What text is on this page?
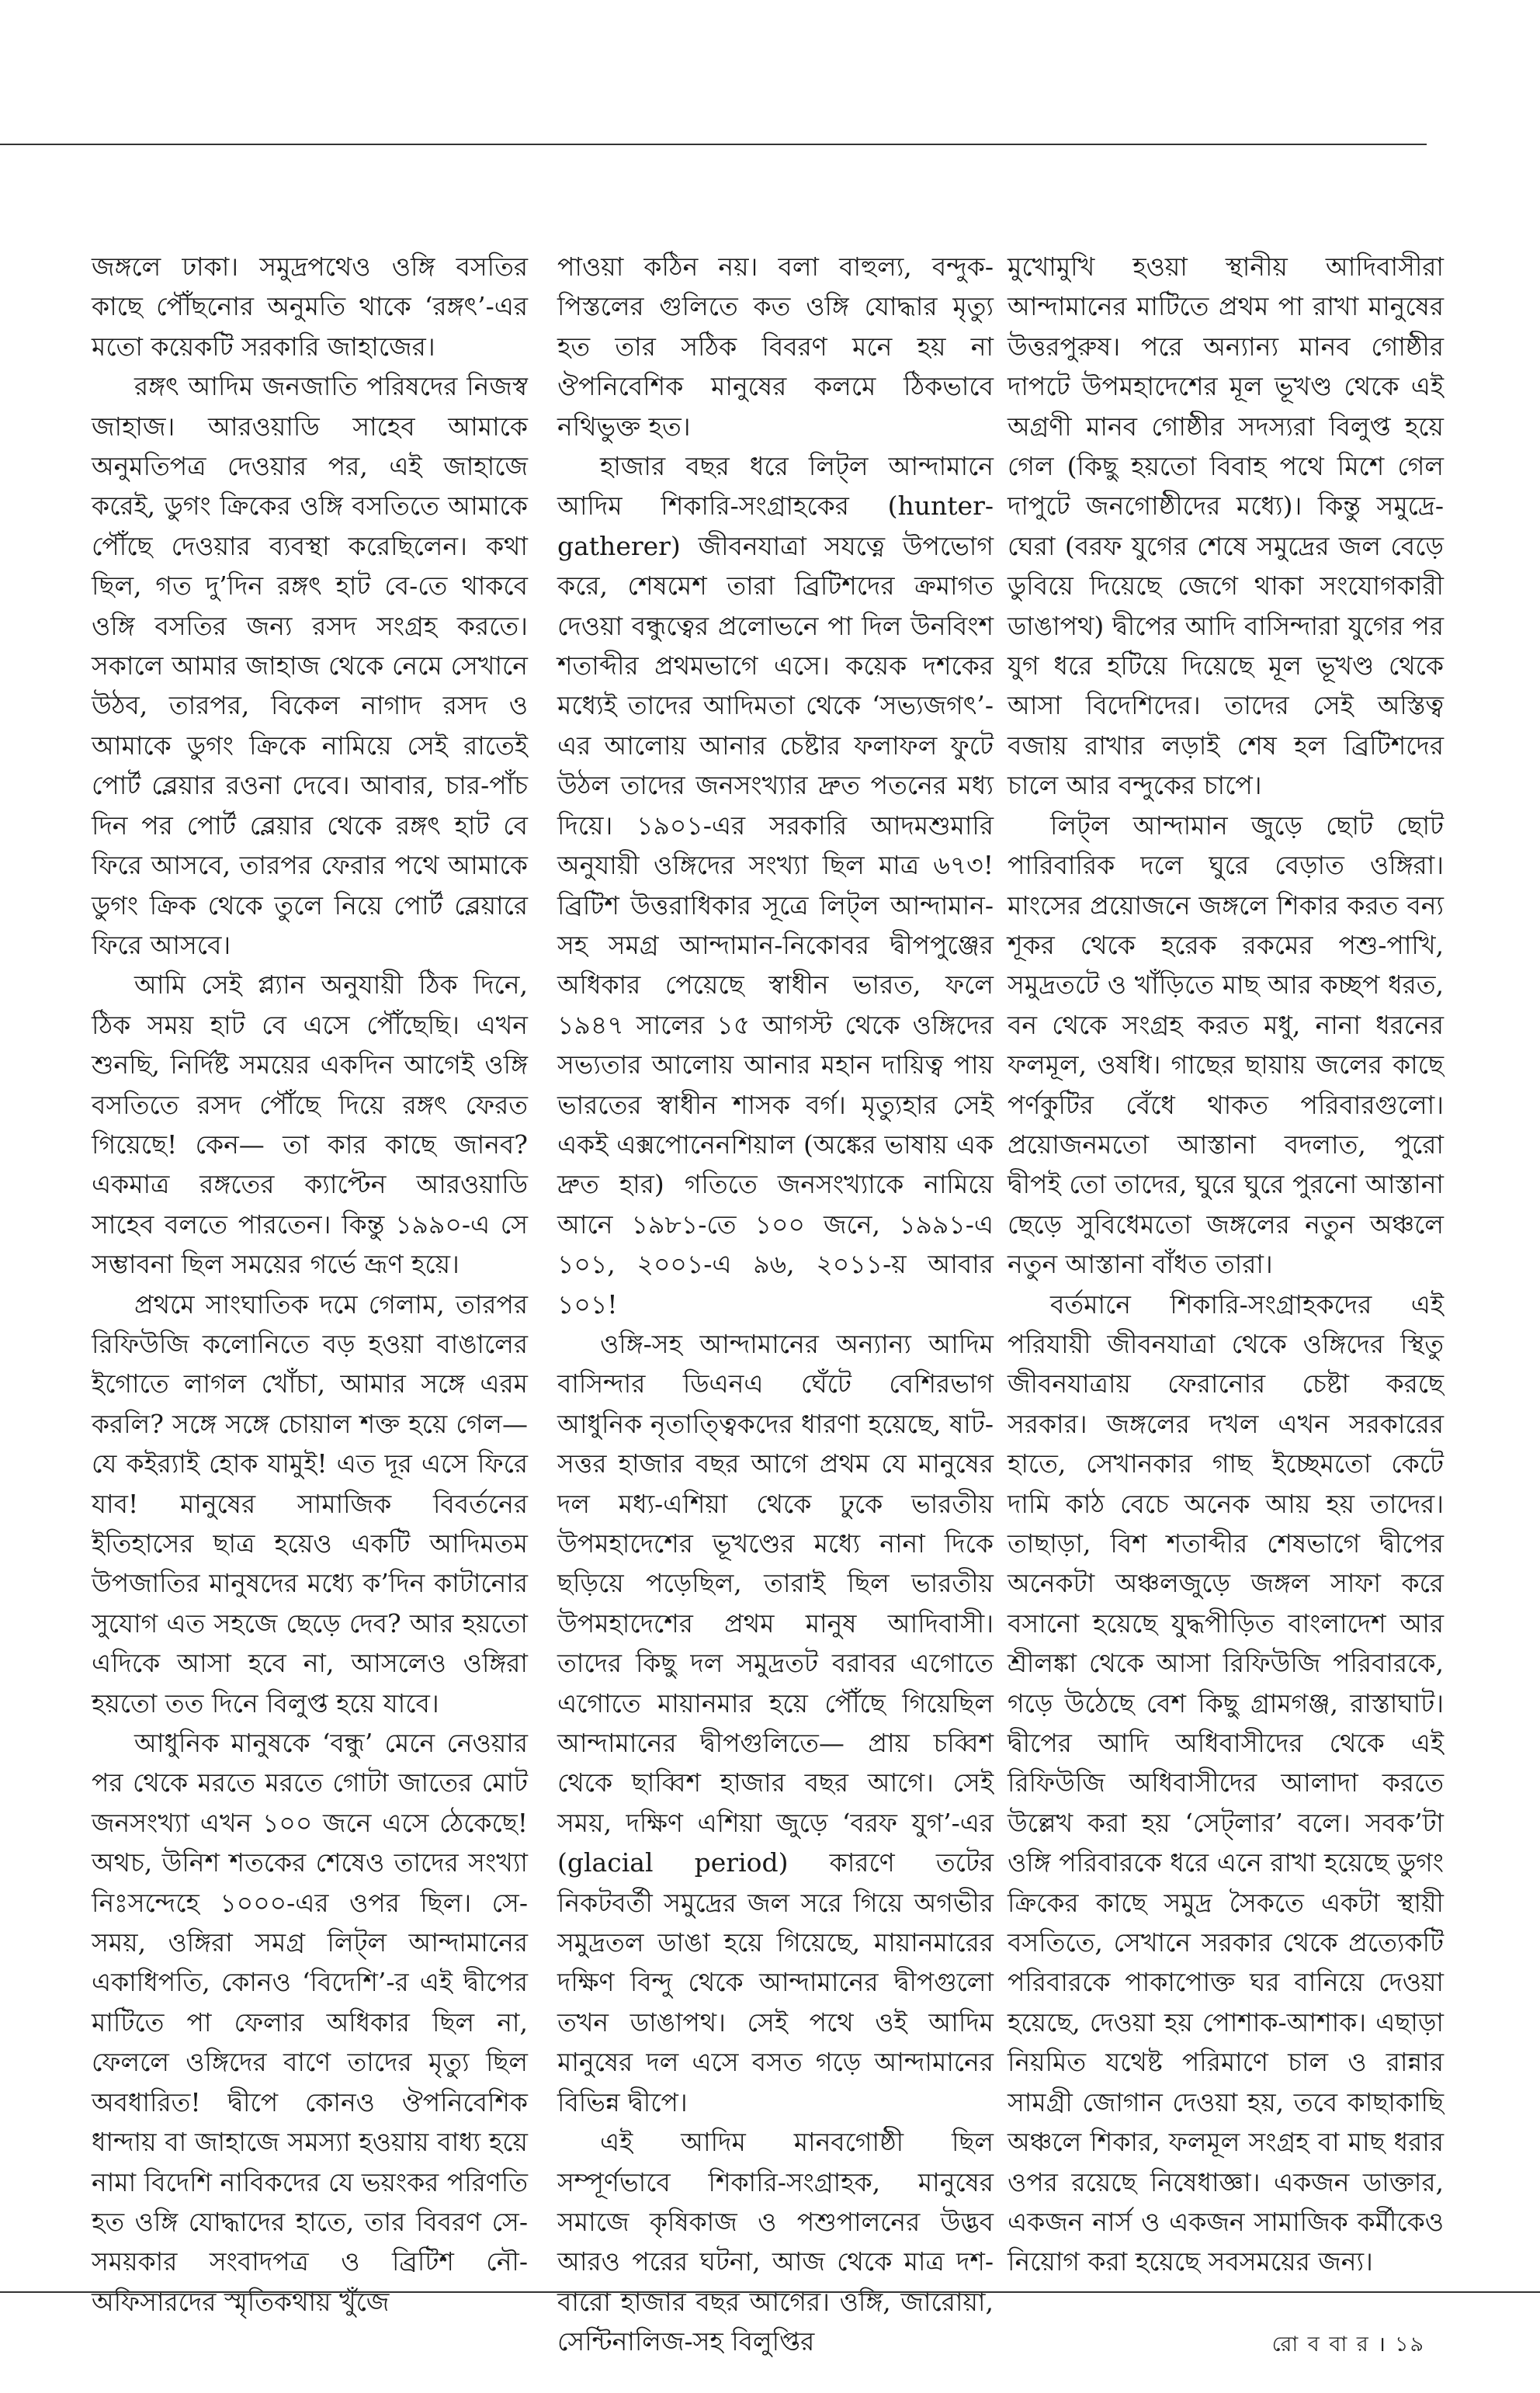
জঙ্গলে ঢাকা। সমুদ্রপথেও ওঙ্গি বসতির কাছে পৌঁছনোর অনুমতি থাকে ‘রঙ্গৎ’-এর মতো কয়েকটি সরকারি জাহাজের।

রঙ্গৎ আদিম জনজাতি পরিষদের নিজস্ব জাহাজ। আরওয়াডি সাহেব আমাকে অনুমতিপত্র দেওয়ার পর, এই জাহাজে করেই, ডুগং ক্রিকের ওঙ্গি বসতিতে আমাকে পৌঁছে দেওয়ার ব্যবস্থা করেছিলেন। কথা ছিল, গত দু’দিন রঙ্গৎ হাট বে-তে থাকবে ওঙ্গি বসতির জন্য রসদ সংগ্রহ করতে। সকালে আমার জাহাজ থেকে নেমে সেখানে উঠব, তারপর, বিকেল নাগাদ রসদ ও আমাকে ডুগং ক্রিকে নামিয়ে সেই রাতেই পোর্ট ব্লেয়ার রওনা দেবে। আবার, চার-পাঁচ দিন পর পোর্ট ব্লেয়ার থেকে রঙ্গৎ হাট বে ফিরে আসবে, তারপর ফেরার পথে আমাকে ডুগং ক্রিক থেকে তুলে নিয়ে পোর্ট ব্লেয়ারে ফিরে আসবে।

আমি সেই প্ল্যান অনুযায়ী ঠিক দিনে, ঠিক সময় হাট বে এসে পৌঁছেছি। এখন শুনছি, নির্দিষ্ট সময়ের একদিন আগেই ওঙ্গি বসতিতে রসদ পৌঁছে দিয়ে রঙ্গৎ ফেরত গিয়েছে! কেন— তা কার কাছে জানব? একমাত্র রঙ্গতের ক্যাপ্টেন আরওয়াডি সাহেব বলতে পারতেন। কিন্তু ১৯৯০-এ সে সম্ভাবনা ছিল সময়ের গর্ভে ভ্রূণ হয়ে।

প্রথমে সাংঘাতিক দমে গেলাম, তারপর রিফিউজি কলোনিতে বড় হওয়া বাঙালের ইগোতে লাগল খোঁচা, আমার সঙ্গে এরম করলি? সঙ্গে সঙ্গে চোয়াল শক্ত হয়ে গেল— যে কইর‍্যাই হোক যামুই! এত দূর এসে ফিরে যাব! মানুষের সামাজিক বিবর্তনের ইতিহাসের ছাত্র হয়েও একটি আদিমতম উপজাতির মানুষদের মধ্যে ক’দিন কাটানোর সুযোগ এত সহজে ছেড়ে দেব? আর হয়তো এদিকে আসা হবে না, আসলেও ওঙ্গিরা হয়তো তত দিনে বিলুপ্ত হয়ে যাবে।

আধুনিক মানুষকে ‘বন্ধু’ মেনে নেওয়ার পর থেকে মরতে মরতে গোটা জাতের মোট জনসংখ্যা এখন ১০০ জনে এসে ঠেকেছে! অথচ, উনিশ শতকের শেষেও তাদের সংখ্যা নিঃসন্দেহে ১০০০-এর ওপর ছিল। সে-সময়, ওঙ্গিরা সমগ্র লিট্‌ল আন্দামানের একাধিপতি, কোনও ‘বিদেশি’-র এই দ্বীপের মাটিতে পা ফেলার অধিকার ছিল না, ফেললে ওঙ্গিদের বাণে তাদের মৃত্যু ছিল অবধারিত! দ্বীপে কোনও ঔপনিবেশিক ধান্দায় বা জাহাজে সমস্যা হওয়ায় বাধ্য হয়ে নামা বিদেশি নাবিকদের যে ভয়ংকর পরিণতি হত ওঙ্গি যোদ্ধাদের হাতে, তার বিবরণ সে-সময়কার সংবাদপত্র ও ব্রিটিশ নৌ-অফিসারদের স্মৃতিকথায় খুঁজে

পাওয়া কঠিন নয়। বলা বাহুল্য, বন্দুক-পিস্তলের গুলিতে কত ওঙ্গি যোদ্ধার মৃত্যু হত তার সঠিক বিবরণ মনে হয় না ঔপনিবেশিক মানুষের কলমে ঠিকভাবে নথিভুক্ত হত।

হাজার বছর ধরে লিট্‌ল আন্দামানে আদিম শিকারি-সংগ্রাহকের (hunter-gatherer) জীবনযাত্রা সযত্নে উপভোগ করে, শেষমেশ তারা ব্রিটিশদের ক্রমাগত দেওয়া বন্ধুত্বের প্রলোভনে পা দিল উনবিংশ শতাব্দীর প্রথমভাগে এসে। কয়েক দশকের মধ্যেই তাদের আদিমতা থেকে ‘সভ্যজগৎ’-এর আলোয় আনার চেষ্টার ফলাফল ফুটে উঠল তাদের জনসংখ্যার দ্রুত পতনের মধ্য দিয়ে। ১৯০১-এর সরকারি আদমশুমারি অনুযায়ী ওঙ্গিদের সংখ্যা ছিল মাত্র ৬৭৩! ব্রিটিশ উত্তরাধিকার সূত্রে লিট্‌ল আন্দামান-সহ সমগ্র আন্দামান-নিকোবর দ্বীপপুঞ্জের অধিকার পেয়েছে স্বাধীন ভারত, ফলে ১৯৪৭ সালের ১৫ আগস্ট থেকে ওঙ্গিদের সভ্যতার আলোয় আনার মহান দায়িত্ব পায় ভারতের স্বাধীন শাসক বর্গ। মৃত্যুহার সেই একই এক্সপোনেনশিয়াল (অঙ্কের ভাষায় এক দ্রুত হার) গতিতে জনসংখ্যাকে নামিয়ে আনে ১৯৮১-তে ১০০ জনে, ১৯৯১-এ ১০১, ২০০১-এ ৯৬, ২০১১-য় আবার ১০১!

ওঙ্গি-সহ আন্দামানের অন্যান্য আদিম বাসিন্দার ডিএনএ ঘেঁটে বেশিরভাগ আধুনিক নৃতাত্ত্বিকদের ধারণা হয়েছে, ষাট-সত্তর হাজার বছর আগে প্রথম যে মানুষের দল মধ্য-এশিয়া থেকে ঢুকে ভারতীয় উপমহাদেশের ভূখণ্ডের মধ্যে নানা দিকে ছড়িয়ে পড়েছিল, তারাই ছিল ভারতীয় উপমহাদেশের প্রথম মানুষ আদিবাসী। তাদের কিছু দল সমুদ্রতট বরাবর এগোতে এগোতে মায়ানমার হয়ে পৌঁছে গিয়েছিল আন্দামানের দ্বীপগুলিতে— প্রায় চব্বিশ থেকে ছাব্বিশ হাজার বছর আগে। সেই সময়, দক্ষিণ এশিয়া জুড়ে ‘বরফ যুগ’-এর (glacial period) কারণে তটের নিকটবর্তী সমুদ্রের জল সরে গিয়ে অগভীর সমুদ্রতল ডাঙা হয়ে গিয়েছে, মায়ানমারের দক্ষিণ বিন্দু থেকে আন্দামানের দ্বীপগুলো তখন ডাঙাপথ। সেই পথে ওই আদিম মানুষের দল এসে বসত গড়ে আন্দামানের বিভিন্ন দ্বীপে।

এই আদিম মানবগোষ্ঠী ছিল সম্পূর্ণভাবে শিকারি-সংগ্রাহক, মানুষের সমাজে কৃষিকাজ ও পশুপালনের উদ্ভব আরও পরের ঘটনা, আজ থেকে মাত্র দশ-বারো হাজার বছর আগের। ওঙ্গি, জারোয়া, সেন্টিনালিজ-সহ বিলুপ্তির

মুখোমুখি হওয়া স্থানীয় আদিবাসীরা আন্দামানের মাটিতে প্রথম পা রাখা মানুষের উত্তরপুরুষ। পরে অন্যান্য মানব গোষ্ঠীর দাপটে উপমহাদেশের মূল ভূখণ্ড থেকে এই অগ্রণী মানব গোষ্ঠীর সদস্যরা বিলুপ্ত হয়ে গেল (কিছু হয়তো বিবাহ পথে মিশে গেল দাপুটে জনগোষ্ঠীদের মধ্যে)। কিন্তু সমুদ্রে-ঘেরা (বরফ যুগের শেষে সমুদ্রের জল বেড়ে ডুবিয়ে দিয়েছে জেগে থাকা সংযোগকারী ডাঙাপথ) দ্বীপের আদি বাসিন্দারা যুগের পর যুগ ধরে হটিয়ে দিয়েছে মূল ভূখণ্ড থেকে আসা বিদেশিদের। তাদের সেই অস্তিত্ব বজায় রাখার লড়াই শেষ হল ব্রিটিশদের চালে আর বন্দুকের চাপে।

লিট্‌ল আন্দামান জুড়ে ছোট ছোট পারিবারিক দলে ঘুরে বেড়াত ওঙ্গিরা। মাংসের প্রয়োজনে জঙ্গলে শিকার করত বন্য শূকর থেকে হরেক রকমের পশু-পাখি, সমুদ্রতটে ও খাঁড়িতে মাছ আর কচ্ছপ ধরত, বন থেকে সংগ্রহ করত মধু, নানা ধরনের ফলমূল, ওষধি। গাছের ছায়ায় জলের কাছে পর্ণকুটির বেঁধে থাকত পরিবারগুলো। প্রয়োজনমতো আস্তানা বদলাত, পুরো দ্বীপই তো তাদের, ঘুরে ঘুরে পুরনো আস্তানা ছেড়ে সুবিধেমতো জঙ্গলের নতুন অঞ্চলে নতুন আস্তানা বাঁধত তারা।

বর্তমানে শিকারি-সংগ্রাহকদের এই পরিযায়ী জীবনযাত্রা থেকে ওঙ্গিদের স্থিতু জীবনযাত্রায় ফেরানোর চেষ্টা করছে সরকার। জঙ্গলের দখল এখন সরকারের হাতে, সেখানকার গাছ ইচ্ছেমতো কেটে দামি কাঠ বেচে অনেক আয় হয় তাদের। তাছাড়া, বিশ শতাব্দীর শেষভাগে দ্বীপের অনেকটা অঞ্চলজুড়ে জঙ্গল সাফা করে বসানো হয়েছে যুদ্ধপীড়িত বাংলাদেশ আর শ্রীলঙ্কা থেকে আসা রিফিউজি পরিবারকে, গড়ে উঠেছে বেশ কিছু গ্রামগঞ্জ, রাস্তাঘাট। দ্বীপের আদি অধিবাসীদের থেকে এই রিফিউজি অধিবাসীদের আলাদা করতে উল্লেখ করা হয় ‘সেট্‌লার’ বলে। সবক’টা ওঙ্গি পরিবারকে ধরে এনে রাখা হয়েছে ডুগং ক্রিকের কাছে সমুদ্র সৈকতে একটা স্থায়ী বসতিতে, সেখানে সরকার থেকে প্রত্যেকটি পরিবারকে পাকাপোক্ত ঘর বানিয়ে দেওয়া হয়েছে, দেওয়া হয় পোশাক-আশাক। এছাড়া নিয়মিত যথেষ্ট পরিমাণে চাল ও রান্নার সামগ্রী জোগান দেওয়া হয়, তবে কাছাকাছি অঞ্চলে শিকার, ফলমূল সংগ্রহ বা মাছ ধরার ওপর রয়েছে নিষেধাজ্ঞা। একজন ডাক্তার, একজন নার্স ও একজন সামাজিক কর্মীকেও নিয়োগ করা হয়েছে সবসময়ের জন্য।

রো ব বা র । ১৯
